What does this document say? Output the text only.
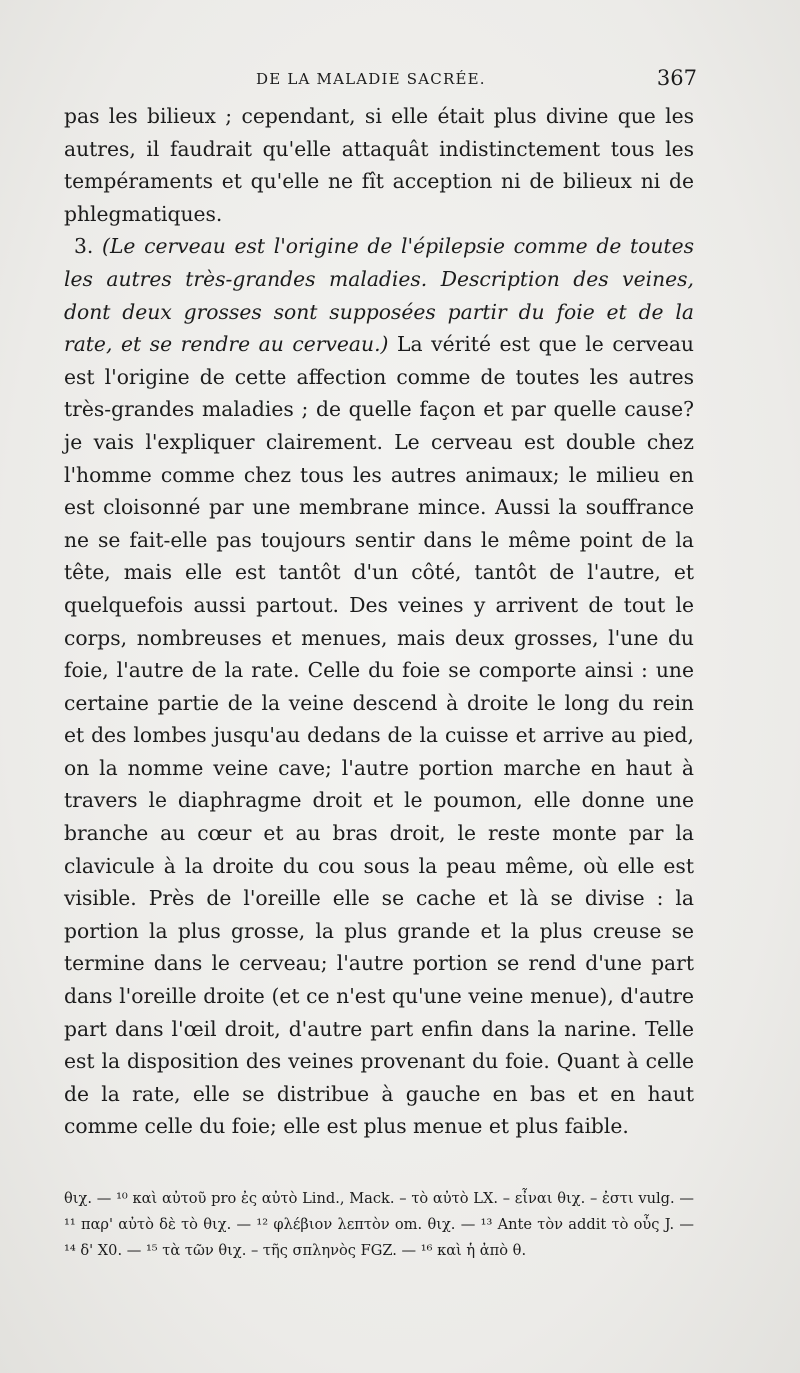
DE LA MALADIE SACRÉE.	367

pas les bilieux ; cependant, si elle était plus divine que les autres, il faudrait qu'elle attaquât indistinctement tous les tempéraments et qu'elle ne fît acception ni de bilieux ni de phlegmatiques.

3. (Le cerveau est l'origine de l'épilepsie comme de toutes les autres très-grandes maladies. Description des veines, dont deux grosses sont supposées partir du foie et de la rate, et se rendre au cerveau.) La vérité est que le cerveau est l'origine de cette affection comme de toutes les autres très-grandes maladies ; de quelle façon et par quelle cause? je vais l'expliquer clairement. Le cerveau est double chez l'homme comme chez tous les autres animaux; le milieu en est cloisonné par une membrane mince. Aussi la souffrance ne se fait-elle pas toujours sentir dans le même point de la tête, mais elle est tantôt d'un côté, tantôt de l'autre, et quelquefois aussi partout. Des veines y arrivent de tout le corps, nombreuses et menues, mais deux grosses, l'une du foie, l'autre de la rate. Celle du foie se comporte ainsi : une certaine partie de la veine descend à droite le long du rein et des lombes jusqu'au dedans de la cuisse et arrive au pied, on la nomme veine cave; l'autre portion marche en haut à travers le diaphragme droit et le poumon, elle donne une branche au cœur et au bras droit, le reste monte par la clavicule à la droite du cou sous la peau même, où elle est visible. Près de l'oreille elle se cache et là se divise : la portion la plus grosse, la plus grande et la plus creuse se termine dans le cerveau; l'autre portion se rend d'une part dans l'oreille droite (et ce n'est qu'une veine menue), d'autre part dans l'œil droit, d'autre part enfin dans la narine. Telle est la disposition des veines provenant du foie. Quant à celle de la rate, elle se distribue à gauche en bas et en haut comme celle du foie; elle est plus menue et plus faible.

θιχ. — ¹⁰ καὶ αὐτοῦ pro ἐς αὐτὸ Lind., Mack. – τὸ αὐτὸ LX. – εἶναι θιχ. – ἐστι vulg. — ¹¹ παρ' αὐτὸ δὲ τὸ θιχ. — ¹² φλέβιον λεπτὸν om. θιχ. — ¹³ Ante τὸν addit τὸ οὖς J. — ¹⁴ δ' X0. — ¹⁵ τὰ τῶν θιχ. – τῆς σπληνὸς FGZ. — ¹⁶ καὶ ἡ ἀπὸ θ.
